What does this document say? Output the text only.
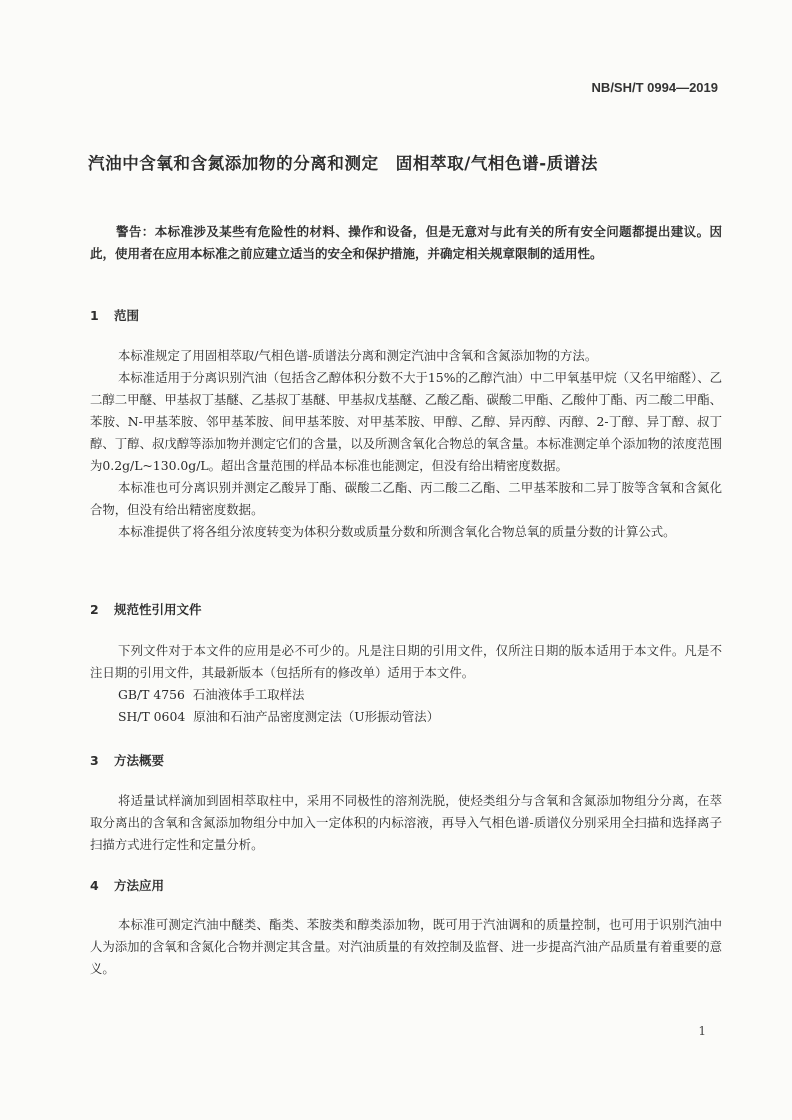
NB/SH/T 0994—2019
汽油中含氧和含氮添加物的分离和测定　固相萃取/气相色谱-质谱法
警告：本标准涉及某些有危险性的材料、操作和设备，但是无意对与此有关的所有安全问题都提出建议。因此，使用者在应用本标准之前应建立适当的安全和保护措施，并确定相关规章限制的适用性。
1 范围

本标准规定了用固相萃取/气相色谱-质谱法分离和测定汽油中含氧和含氮添加物的方法。

本标准适用于分离识别汽油（包括含乙醇体积分数不大于15%的乙醇汽油）中二甲氧基甲烷（又名甲缩醛）、乙二醇二甲醚、甲基叔丁基醚、乙基叔丁基醚、甲基叔戊基醚、乙酸乙酯、碳酸二甲酯、乙酸仲丁酯、丙二酸二甲酯、苯胺、N-甲基苯胺、邻甲基苯胺、间甲基苯胺、对甲基苯胺、甲醇、乙醇、异丙醇、丙醇、2-丁醇、异丁醇、叔丁醇、丁醇、叔戊醇等添加物并测定它们的含量，以及所测含氧化合物总的氧含量。本标准测定单个添加物的浓度范围为0.2g/L~130.0g/L。超出含量范围的样品本标准也能测定，但没有给出精密度数据。

本标准也可分离识别并测定乙酸异丁酯、碳酸二乙酯、丙二酸二乙酯、二甲基苯胺和二异丁胺等含氧和含氮化合物，但没有给出精密度数据。

本标准提供了将各组分浓度转变为体积分数或质量分数和所测含氧化合物总氧的质量分数的计算公式。

2 规范性引用文件

下列文件对于本文件的应用是必不可少的。凡是注日期的引用文件，仅所注日期的版本适用于本文件。凡是不注日期的引用文件，其最新版本（包括所有的修改单）适用于本文件。

GB/T 4756 石油液体手工取样法

SH/T 0604 原油和石油产品密度测定法（U形振动管法）

3 方法概要

将适量试样滴加到固相萃取柱中，采用不同极性的溶剂洗脱，使烃类组分与含氧和含氮添加物组分分离，在萃取分离出的含氧和含氮添加物组分中加入一定体积的内标溶液，再导入气相色谱-质谱仪分别采用全扫描和选择离子扫描方式进行定性和定量分析。

4 方法应用

本标准可测定汽油中醚类、酯类、苯胺类和醇类添加物，既可用于汽油调和的质量控制，也可用于识别汽油中人为添加的含氧和含氮化合物并测定其含量。对汽油质量的有效控制及监督、进一步提高汽油产品质量有着重要的意义。

1
